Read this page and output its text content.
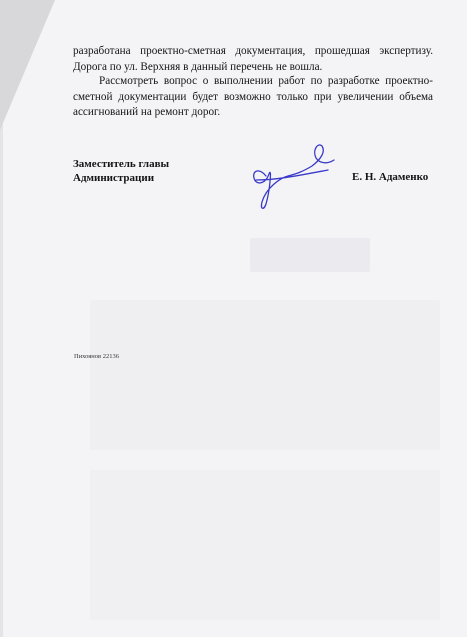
разработана проектно-сметная документация, прошедшая экспертизу. Дорога по ул. Верхняя в данный перечень не вошла.
Рассмотреть вопрос о выполнении работ по разработке проектно-сметной документации будет возможно только при увеличении объема ассигнований на ремонт дорог.
Заместитель главы
Администрации	Е. Н. Адаменко
Пихоянов 22136
